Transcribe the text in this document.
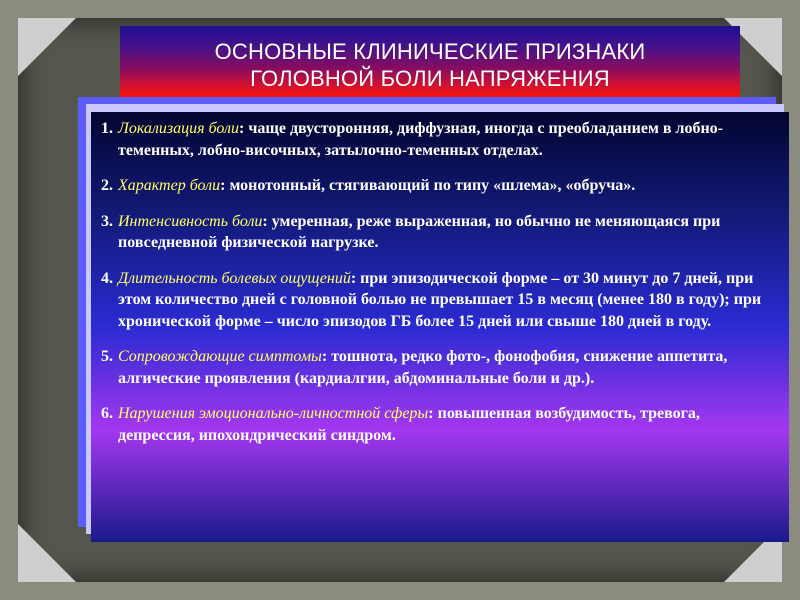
ОСНОВНЫЕ КЛИНИЧЕСКИЕ ПРИЗНАКИ
ГОЛОВНОЙ БОЛИ НАПРЯЖЕНИЯ
1. Локализация боли: чаще двусторонняя, диффузная, иногда с преобладанием в лобно-теменных, лобно-височных, затылочно-теменных отделах.
2. Характер боли: монотонный, стягивающий по типу «шлема», «обруча».
3. Интенсивность боли: умеренная, реже выраженная, но обычно не меняющаяся при повседневной физической нагрузке.
4. Длительность болевых ощущений: при эпизодической форме – от 30 минут до 7 дней, при этом количество дней с головной болью не превышает 15 в месяц (менее 180 в году); при хронической форме – число эпизодов ГБ более 15 дней или свыше 180 дней в году.
5. Сопровождающие симптомы: тошнота, редко фото-, фонофобия, снижение аппетита, алгические проявления (кардиалгии, абдоминальные боли и др.).
6. Нарушения эмоционально-личностной сферы: повышенная возбудимость, тревога, депрессия, ипохондрический синдром.
